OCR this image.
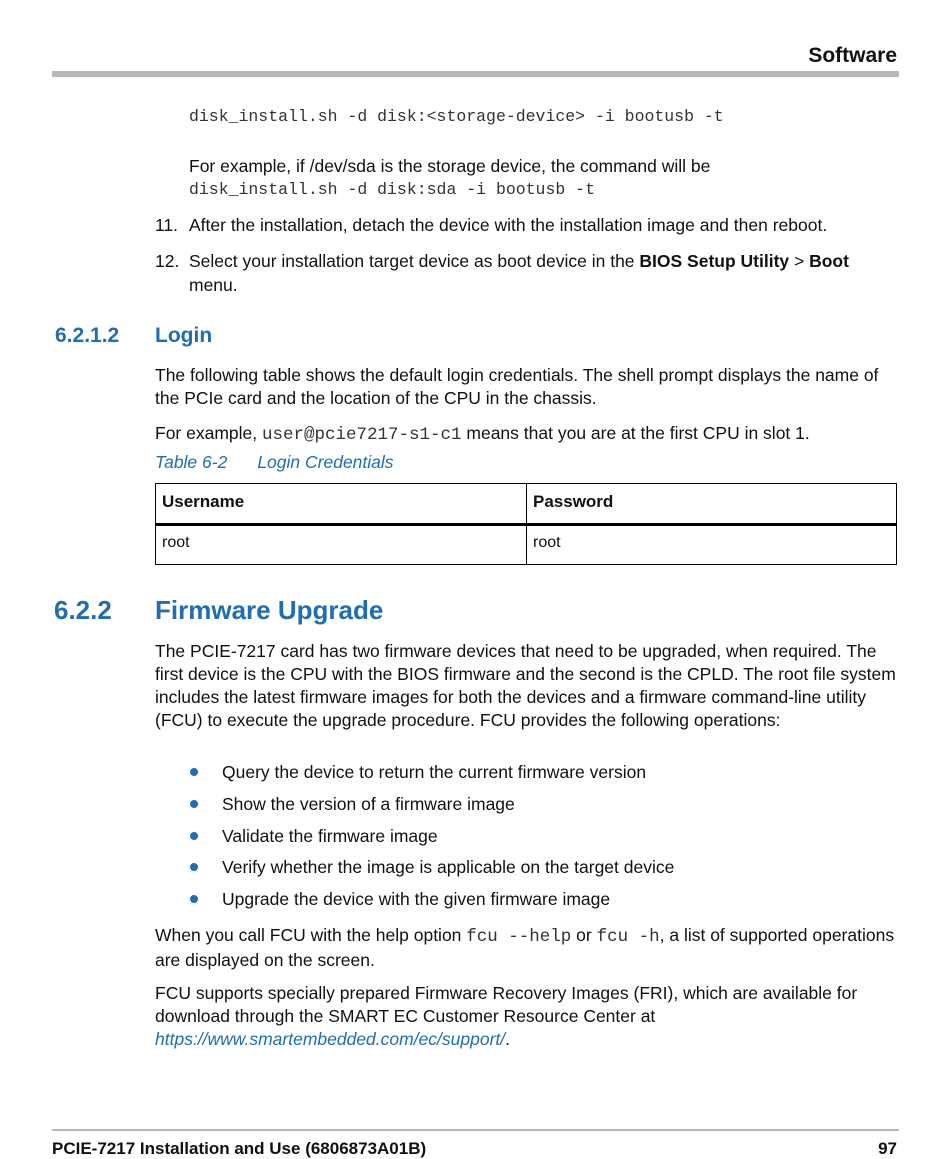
Software
disk_install.sh -d disk:<storage-device> -i bootusb -t
For example, if /dev/sda is the storage device, the command will be
disk_install.sh -d disk:sda -i bootusb -t
11. After the installation, detach the device with the installation image and then reboot.
12. Select your installation target device as boot device in the BIOS Setup Utility > Boot menu.
6.2.1.2 Login
The following table shows the default login credentials. The shell prompt displays the name of the PCIe card and the location of the CPU in the chassis.
For example, user@pcie7217-s1-c1 means that you are at the first CPU in slot 1.
Table 6-2 Login Credentials
Username	Password
root	root
6.2.2 Firmware Upgrade
The PCIE-7217 card has two firmware devices that need to be upgraded, when required. The first device is the CPU with the BIOS firmware and the second is the CPLD. The root file system includes the latest firmware images for both the devices and a firmware command-line utility (FCU) to execute the upgrade procedure. FCU provides the following operations:
Query the device to return the current firmware version
Show the version of a firmware image
Validate the firmware image
Verify whether the image is applicable on the target device
Upgrade the device with the given firmware image
When you call FCU with the help option fcu --help or fcu -h, a list of supported operations are displayed on the screen.
FCU supports specially prepared Firmware Recovery Images (FRI), which are available for download through the SMART EC Customer Resource Center at https://www.smartembedded.com/ec/support/.
PCIE-7217 Installation and Use (6806873A01B)	97
